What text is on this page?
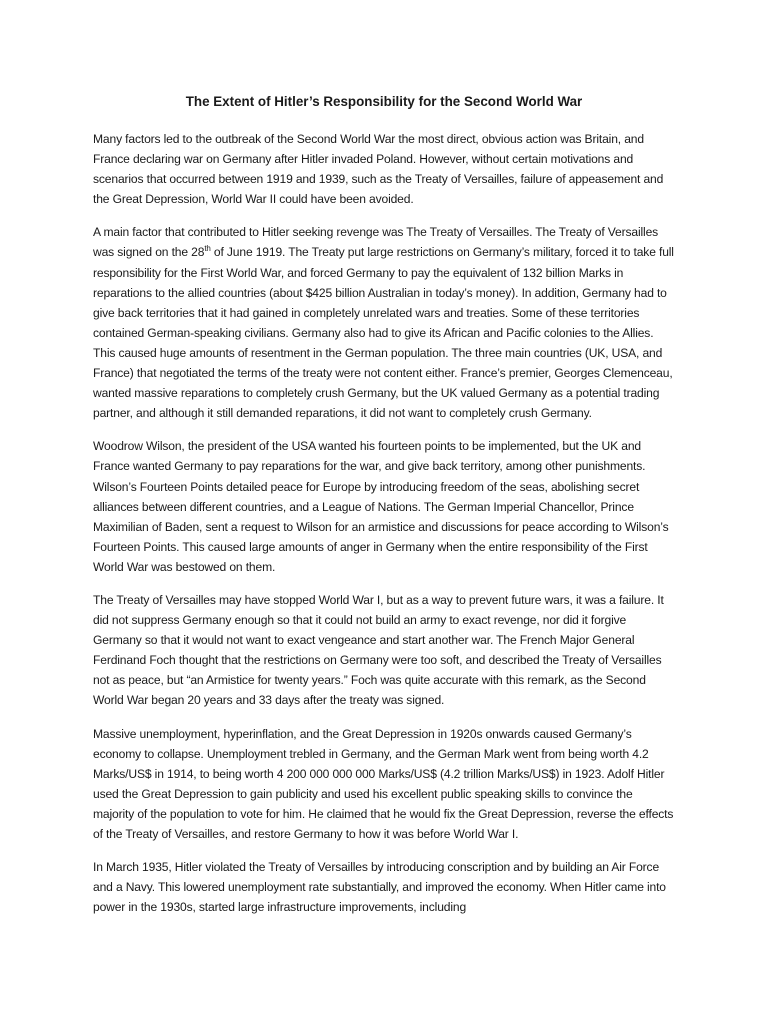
The Extent of Hitler’s Responsibility for the Second World War

Many factors led to the outbreak of the Second World War the most direct, obvious action was Britain, and France declaring war on Germany after Hitler invaded Poland. However, without certain motivations and scenarios that occurred between 1919 and 1939, such as the Treaty of Versailles, failure of appeasement and the Great Depression, World War II could have been avoided.

A main factor that contributed to Hitler seeking revenge was The Treaty of Versailles. The Treaty of Versailles was signed on the 28th of June 1919. The Treaty put large restrictions on Germany’s military, forced it to take full responsibility for the First World War, and forced Germany to pay the equivalent of 132 billion Marks in reparations to the allied countries (about $425 billion Australian in today’s money). In addition, Germany had to give back territories that it had gained in completely unrelated wars and treaties. Some of these territories contained German-speaking civilians. Germany also had to give its African and Pacific colonies to the Allies. This caused huge amounts of resentment in the German population. The three main countries (UK, USA, and France) that negotiated the terms of the treaty were not content either. France’s premier, Georges Clemenceau, wanted massive reparations to completely crush Germany, but the UK valued Germany as a potential trading partner, and although it still demanded reparations, it did not want to completely crush Germany.

Woodrow Wilson, the president of the USA wanted his fourteen points to be implemented, but the UK and France wanted Germany to pay reparations for the war, and give back territory, among other punishments. Wilson’s Fourteen Points detailed peace for Europe by introducing freedom of the seas, abolishing secret alliances between different countries, and a League of Nations. The German Imperial Chancellor, Prince Maximilian of Baden, sent a request to Wilson for an armistice and discussions for peace according to Wilson’s Fourteen Points. This caused large amounts of anger in Germany when the entire responsibility of the First World War was bestowed on them.

The Treaty of Versailles may have stopped World War I, but as a way to prevent future wars, it was a failure. It did not suppress Germany enough so that it could not build an army to exact revenge, nor did it forgive Germany so that it would not want to exact vengeance and start another war. The French Major General Ferdinand Foch thought that the restrictions on Germany were too soft, and described the Treaty of Versailles not as peace, but “an Armistice for twenty years.” Foch was quite accurate with this remark, as the Second World War began 20 years and 33 days after the treaty was signed.

Massive unemployment, hyperinflation, and the Great Depression in 1920s onwards caused Germany’s economy to collapse. Unemployment trebled in Germany, and the German Mark went from being worth 4.2 Marks/US$ in 1914, to being worth 4 200 000 000 000 Marks/US$ (4.2 trillion Marks/US$) in 1923. Adolf Hitler used the Great Depression to gain publicity and used his excellent public speaking skills to convince the majority of the population to vote for him. He claimed that he would fix the Great Depression, reverse the effects of the Treaty of Versailles, and restore Germany to how it was before World War I.

In March 1935, Hitler violated the Treaty of Versailles by introducing conscription and by building an Air Force and a Navy. This lowered unemployment rate substantially, and improved the economy. When Hitler came into power in the 1930s, started large infrastructure improvements, including
